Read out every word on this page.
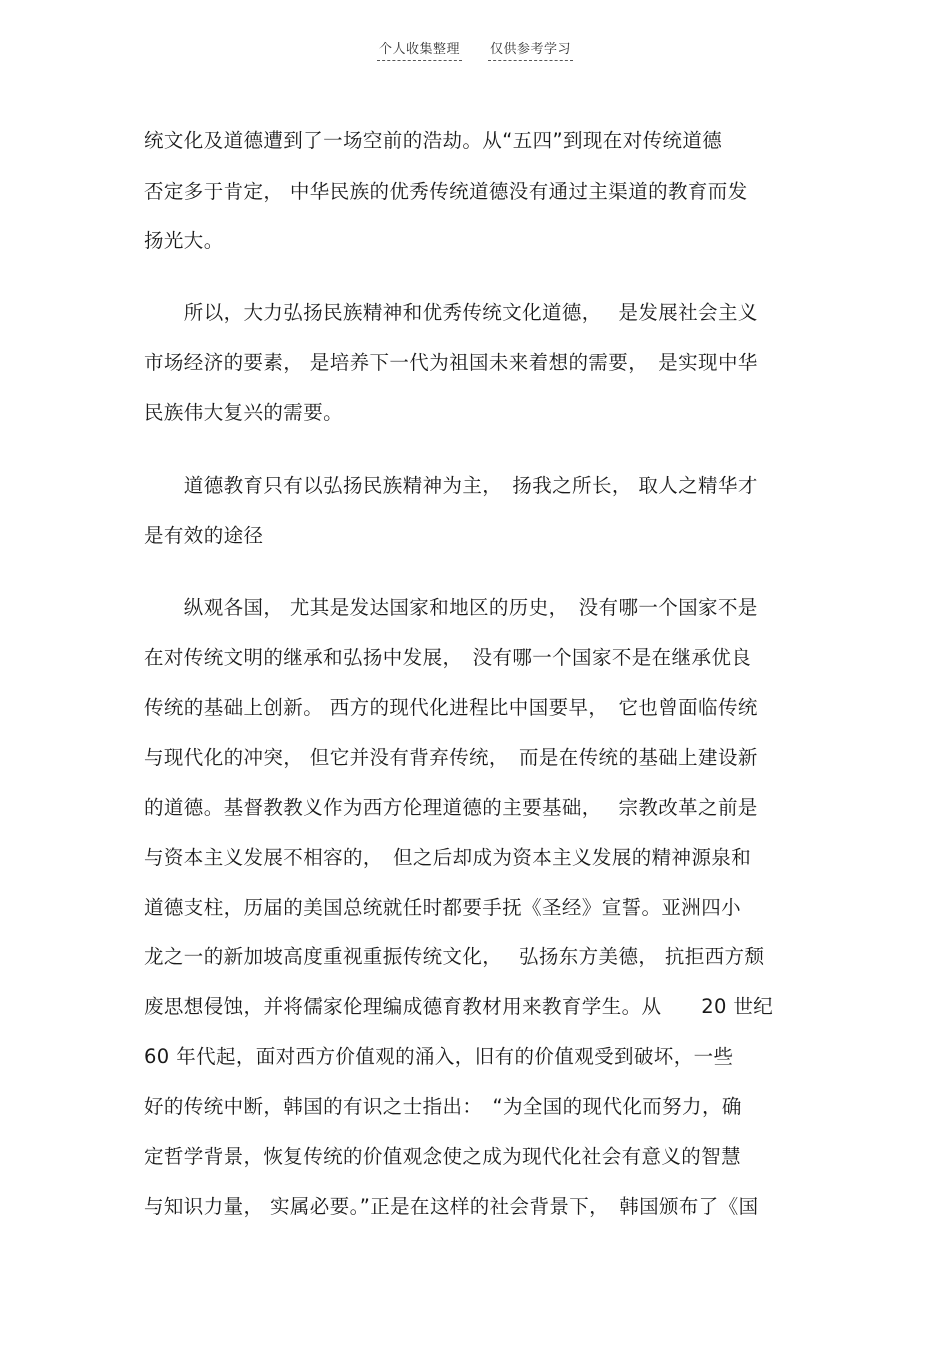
个人收集整理 仅供参考学习
统文化及道德遭到了一场空前的浩劫。从“五四”到现在对传统道德
否定多于肯定， 中华民族的优秀传统道德没有通过主渠道的教育而发
扬光大。
　　所以，大力弘扬民族精神和优秀传统文化道德，　 是发展社会主义
市场经济的要素， 是培养下一代为祖国未来着想的需要，　是实现中华
民族伟大复兴的需要。
　　道德教育只有以弘扬民族精神为主，　扬我之所长， 取人之精华才
是有效的途径
　　纵观各国， 尤其是发达国家和地区的历史，　没有哪一个国家不是
在对传统文明的继承和弘扬中发展，　没有哪一个国家不是在继承优良
传统的基础上创新。 西方的现代化进程比中国要早，　它也曾面临传统
与现代化的冲突， 但它并没有背弃传统，　而是在传统的基础上建设新
的道德。基督教教义作为西方伦理道德的主要基础，　 宗教改革之前是
与资本主义发展不相容的，　但之后却成为资本主义发展的精神源泉和
道德支柱，历届的美国总统就任时都要手抚《圣经》宣誓。亚洲四小
龙之一的新加坡高度重视重振传统文化，　 弘扬东方美德， 抗拒西方颓
废思想侵蚀，并将儒家伦理编成德育教材用来教育学生。从　　20 世纪
60 年代起，面对西方价值观的涌入，旧有的价值观受到破坏，一些
好的传统中断，韩国的有识之士指出：　“为全国的现代化而努力，确
定哲学背景，恢复传统的价值观念使之成为现代化社会有意义的智慧
与知识力量， 实属必要。”正是在这样的社会背景下，　韩国颁布了《国
